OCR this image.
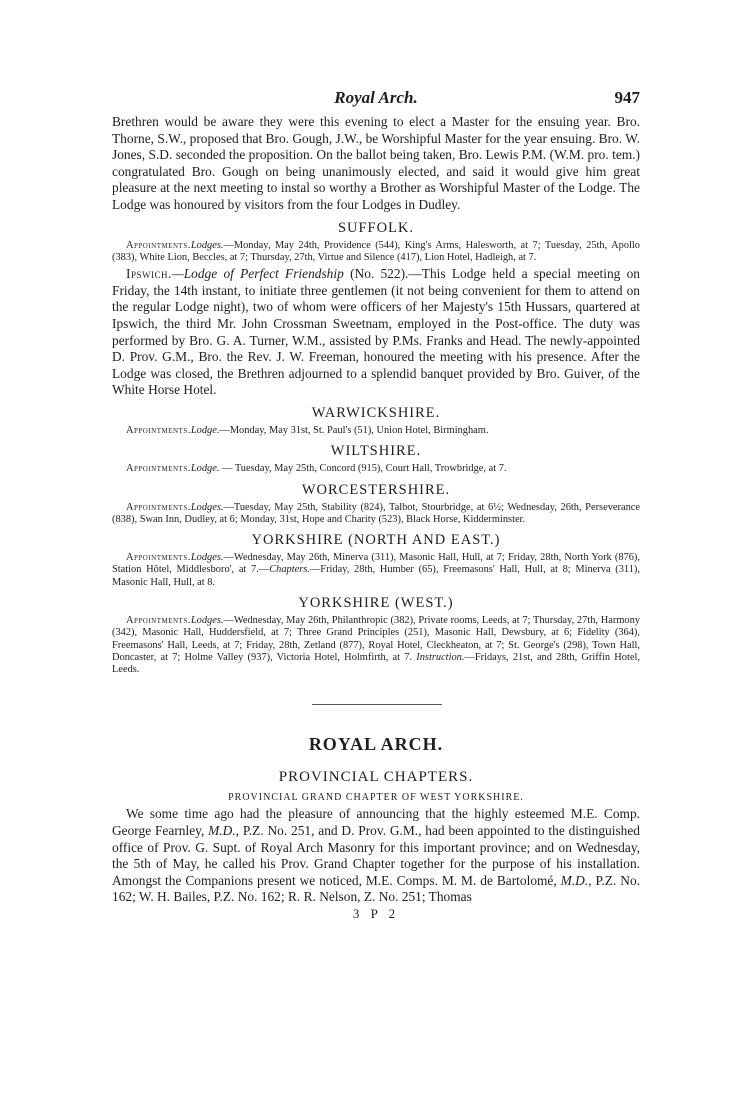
Royal Arch.	947

Brethren would be aware they were this evening to elect a Master for the ensuing year. Bro. Thorne, S.W., proposed that Bro. Gough, J.W., be Worshipful Master for the year ensuing. Bro. W. Jones, S.D. seconded the proposition. On the ballot being taken, Bro. Lewis P.M. (W.M. pro. tem.) congratulated Bro. Gough on being unanimously elected, and said it would give him great pleasure at the next meeting to instal so worthy a Brother as Worshipful Master of the Lodge. The Lodge was honoured by visitors from the four Lodges in Dudley.

SUFFOLK.

Appointments.Lodges.—Monday, May 24th, Providence (544), King's Arms, Halesworth, at 7; Tuesday, 25th, Apollo (383), White Lion, Beccles, at 7; Thursday, 27th, Virtue and Silence (417), Lion Hotel, Hadleigh, at 7.

Ipswich.—Lodge of Perfect Friendship (No. 522).—This Lodge held a special meeting on Friday, the 14th instant, to initiate three gentlemen (it not being convenient for them to attend on the regular Lodge night), two of whom were officers of her Majesty's 15th Hussars, quartered at Ipswich, the third Mr. John Crossman Sweetnam, employed in the Post-office. The duty was performed by Bro. G. A. Turner, W.M., assisted by P.Ms. Franks and Head. The newly-appointed D. Prov. G.M., Bro. the Rev. J. W. Freeman, honoured the meeting with his presence. After the Lodge was closed, the Brethren adjourned to a splendid banquet provided by Bro. Guiver, of the White Horse Hotel.

WARWICKSHIRE.

Appointments.Lodge.—Monday, May 31st, St. Paul's (51), Union Hotel, Birmingham.

WILTSHIRE.

Appointments.Lodge. — Tuesday, May 25th, Concord (915), Court Hall, Trowbridge, at 7.

WORCESTERSHIRE.

Appointments.Lodges.—Tuesday, May 25th, Stability (824), Talbot, Stourbridge, at 6½; Wednesday, 26th, Perseverance (838), Swan Inn, Dudley, at 6; Monday, 31st, Hope and Charity (523), Black Horse, Kidderminster.

YORKSHIRE (NORTH AND EAST.)

Appointments.Lodges.—Wednesday, May 26th, Minerva (311), Masonic Hall, Hull, at 7; Friday, 28th, North York (876), Station Hôtel, Middlesboro', at 7.—Chapters.—Friday, 28th, Humber (65), Freemasons' Hall, Hull, at 8; Minerva (311), Masonic Hall, Hull, at 8.

YORKSHIRE (WEST.)

Appointments.Lodges.—Wednesday, May 26th, Philanthropic (382), Private rooms, Leeds, at 7; Thursday, 27th, Harmony (342), Masonic Hall, Huddersfield, at 7; Three Grand Principles (251), Masonic Hall, Dewsbury, at 6; Fidelity (364), Freemasons' Hall, Leeds, at 7; Friday, 28th, Zetland (877), Royal Hotel, Cleckheaton, at 7; St. George's (298), Town Hall, Doncaster, at 7; Holme Valley (937), Victoria Hotel, Holmfirth, at 7. Instruction.—Fridays, 21st, and 28th, Griffin Hotel, Leeds.

ROYAL ARCH.
PROVINCIAL CHAPTERS.
PROVINCIAL GRAND CHAPTER OF WEST YORKSHIRE.

We some time ago had the pleasure of announcing that the highly esteemed M.E. Comp. George Fearnley, M.D., P.Z. No. 251, and D. Prov. G.M., had been appointed to the distinguished office of Prov. G. Supt. of Royal Arch Masonry for this important province; and on Wednesday, the 5th of May, he called his Prov. Grand Chapter together for the purpose of his installation. Amongst the Companions present we noticed, M.E. Comps. M. M. de Bartolomé, M.D., P.Z. No. 162; W. H. Bailes, P.Z. No. 162; R. R. Nelson, Z. No. 251; Thomas

3 P 2
